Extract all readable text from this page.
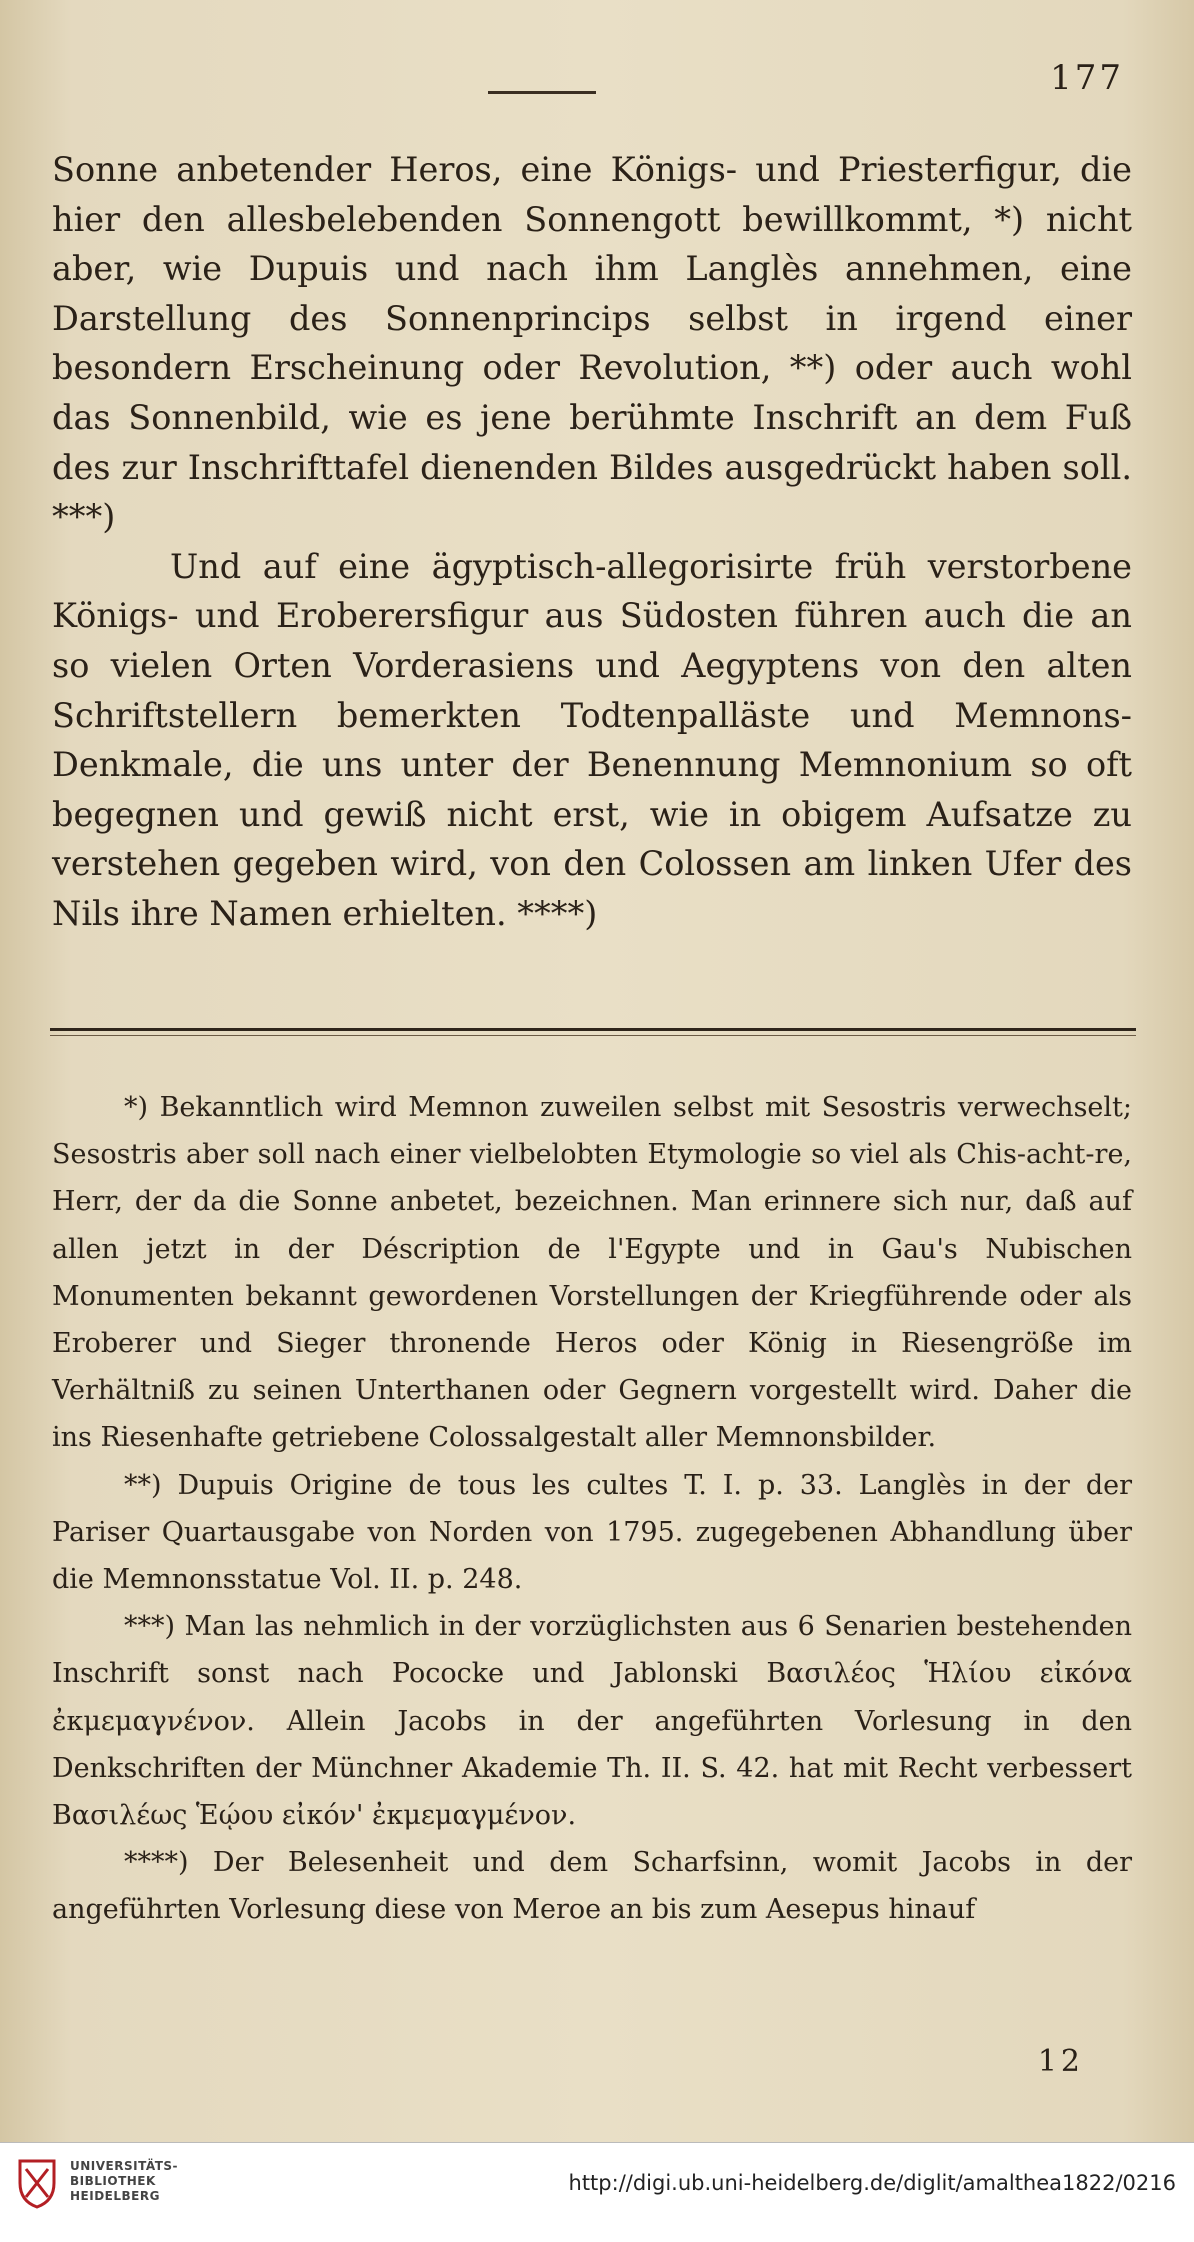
177

Sonne anbetender Heros, eine Königs- und Priesterfigur, die hier den allesbelebenden Sonnengott bewillkommt, *) nicht aber, wie Dupuis und nach ihm Langlès annehmen, eine Darstellung des Sonnenprincips selbst in irgend einer besondern Erscheinung oder Revolution, **) oder auch wohl das Sonnenbild, wie es jene berühmte Inschrift an dem Fuß des zur Inschrifttafel dienenden Bildes ausgedrückt haben soll. ***)

Und auf eine ägyptisch-allegorisirte früh verstorbene Königs- und Eroberersfigur aus Südosten führen auch die an so vielen Orten Vorderasiens und Aegyptens von den alten Schriftstellern bemerkten Todtenpalläste und Memnons-Denkmale, die uns unter der Benennung Memnonium so oft begegnen und gewiß nicht erst, wie in obigem Aufsatze zu verstehen gegeben wird, von den Colossen am linken Ufer des Nils ihre Namen erhielten. ****)

*) Bekanntlich wird Memnon zuweilen selbst mit Sesostris verwechselt; Sesostris aber soll nach einer vielbelobten Etymologie so viel als Chis-acht-re, Herr, der da die Sonne anbetet, bezeichnen. Man erinnere sich nur, daß auf allen jetzt in der Déscription de l'Egypte und in Gau's Nubischen Monumenten bekannt gewordenen Vorstellungen der Kriegführende oder als Eroberer und Sieger thronende Heros oder König in Riesengröße im Verhältniß zu seinen Unterthanen oder Gegnern vorgestellt wird. Daher die ins Riesenhafte getriebene Colossalgestalt aller Memnonsbilder.

**) Dupuis Origine de tous les cultes T. I. p. 33. Langlès in der der Pariser Quartausgabe von Norden von 1795. zugegebenen Abhandlung über die Memnonsstatue Vol. II. p. 248.

***) Man las nehmlich in der vorzüglichsten aus 6 Senarien bestehenden Inschrift sonst nach Pococke und Jablonski Βασιλέος Ἡλίου εἰκόνα ἐκμεμαγνένον. Allein Jacobs in der angeführten Vorlesung in den Denkschriften der Münchner Akademie Th. II. S. 42. hat mit Recht verbessert Βασιλέως Ἑῴου εἰκόν' ἐκμεμαγμένον.

****) Der Belesenheit und dem Scharfsinn, womit Jacobs in der angeführten Vorlesung diese von Meroe an bis zum Aesepus hinauf

12
UNIVERSITÄTS-
BIBLIOTHEK
HEIDELBERG
http://digi.ub.uni-heidelberg.de/diglit/amalthea1822/0216
